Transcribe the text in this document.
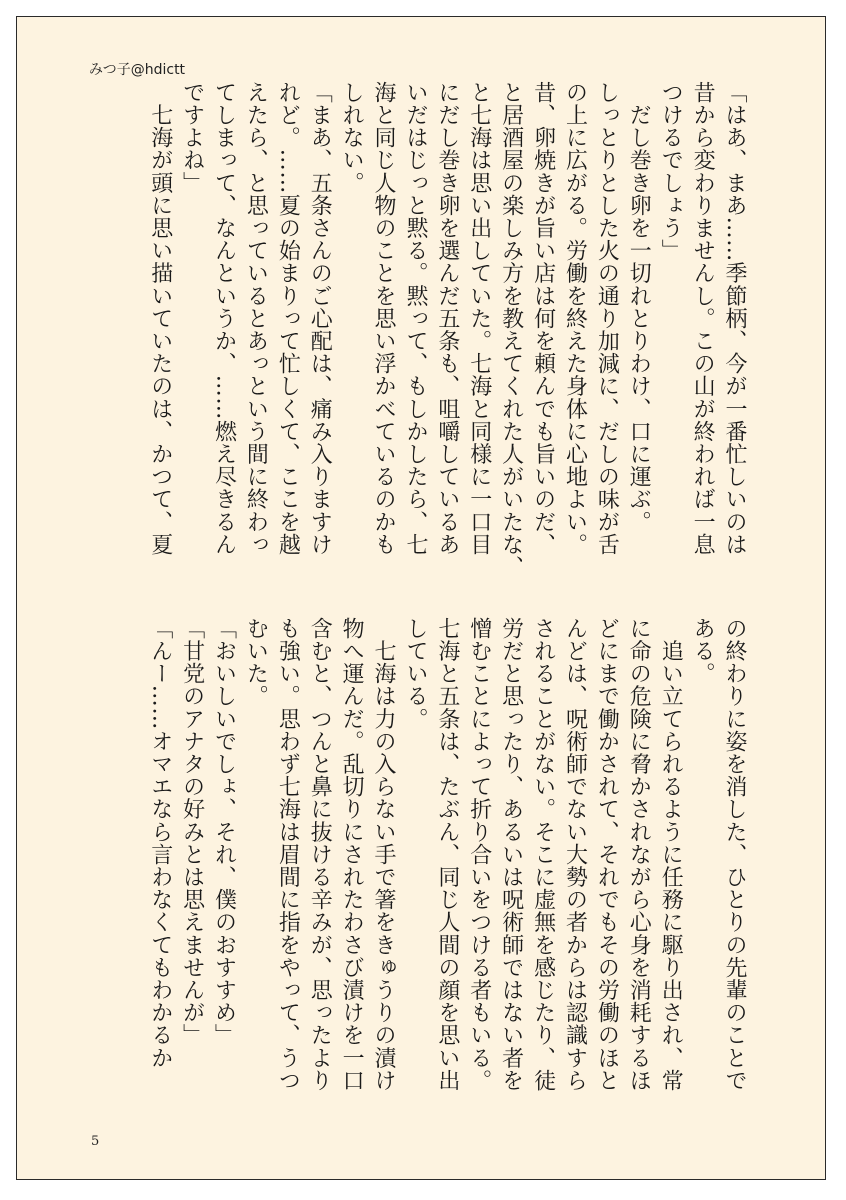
みつ子@hdictt
「はあ、まあ……季節柄、今が一番忙しいのは
昔から変わりませんし。この山が終われば一息
つけるでしょう」
　だし巻き卵を一切れとりわけ、口に運ぶ。
しっとりとした火の通り加減に、だしの味が舌
の上に広がる。労働を終えた身体に心地よい。
昔、卵焼きが旨い店は何を頼んでも旨いのだ、
と居酒屋の楽しみ方を教えてくれた人がいたな、
と七海は思い出していた。七海と同様に一口目
にだし巻き卵を選んだ五条も、咀嚼しているあ
いだはじっと黙る。黙って、もしかしたら、七
海と同じ人物のことを思い浮かべているのかも
しれない。
「まあ、五条さんのご心配は、痛み入りますけ
れど。……夏の始まりって忙しくて、ここを越
えたら、と思っているとあっという間に終わっ
てしまって、なんというか、……燃え尽きるん
ですよね」
　七海が頭に思い描いていたのは、かつて、夏
の終わりに姿を消した、ひとりの先輩のことで
ある。
　追い立てられるように任務に駆り出され、常
に命の危険に脅かされながら心身を消耗するほ
どにまで働かされて、それでもその労働のほと
んどは、呪術師でない大勢の者からは認識すら
されることがない。そこに虚無を感じたり、徒
労だと思ったり、あるいは呪術師ではない者を
憎むことによって折り合いをつける者もいる。
七海と五条は、たぶん、同じ人間の顔を思い出
している。
　七海は力の入らない手で箸をきゅうりの漬け
物へ運んだ。乱切りにされたわさび漬けを一口
含むと、つんと鼻に抜ける辛みが、思ったより
も強い。思わず七海は眉間に指をやって、うつ
むいた。
「おいしいでしょ、それ、僕のおすすめ」
「甘党のアナタの好みとは思えませんが」
「んー……オマエなら言わなくてもわかるか
5
